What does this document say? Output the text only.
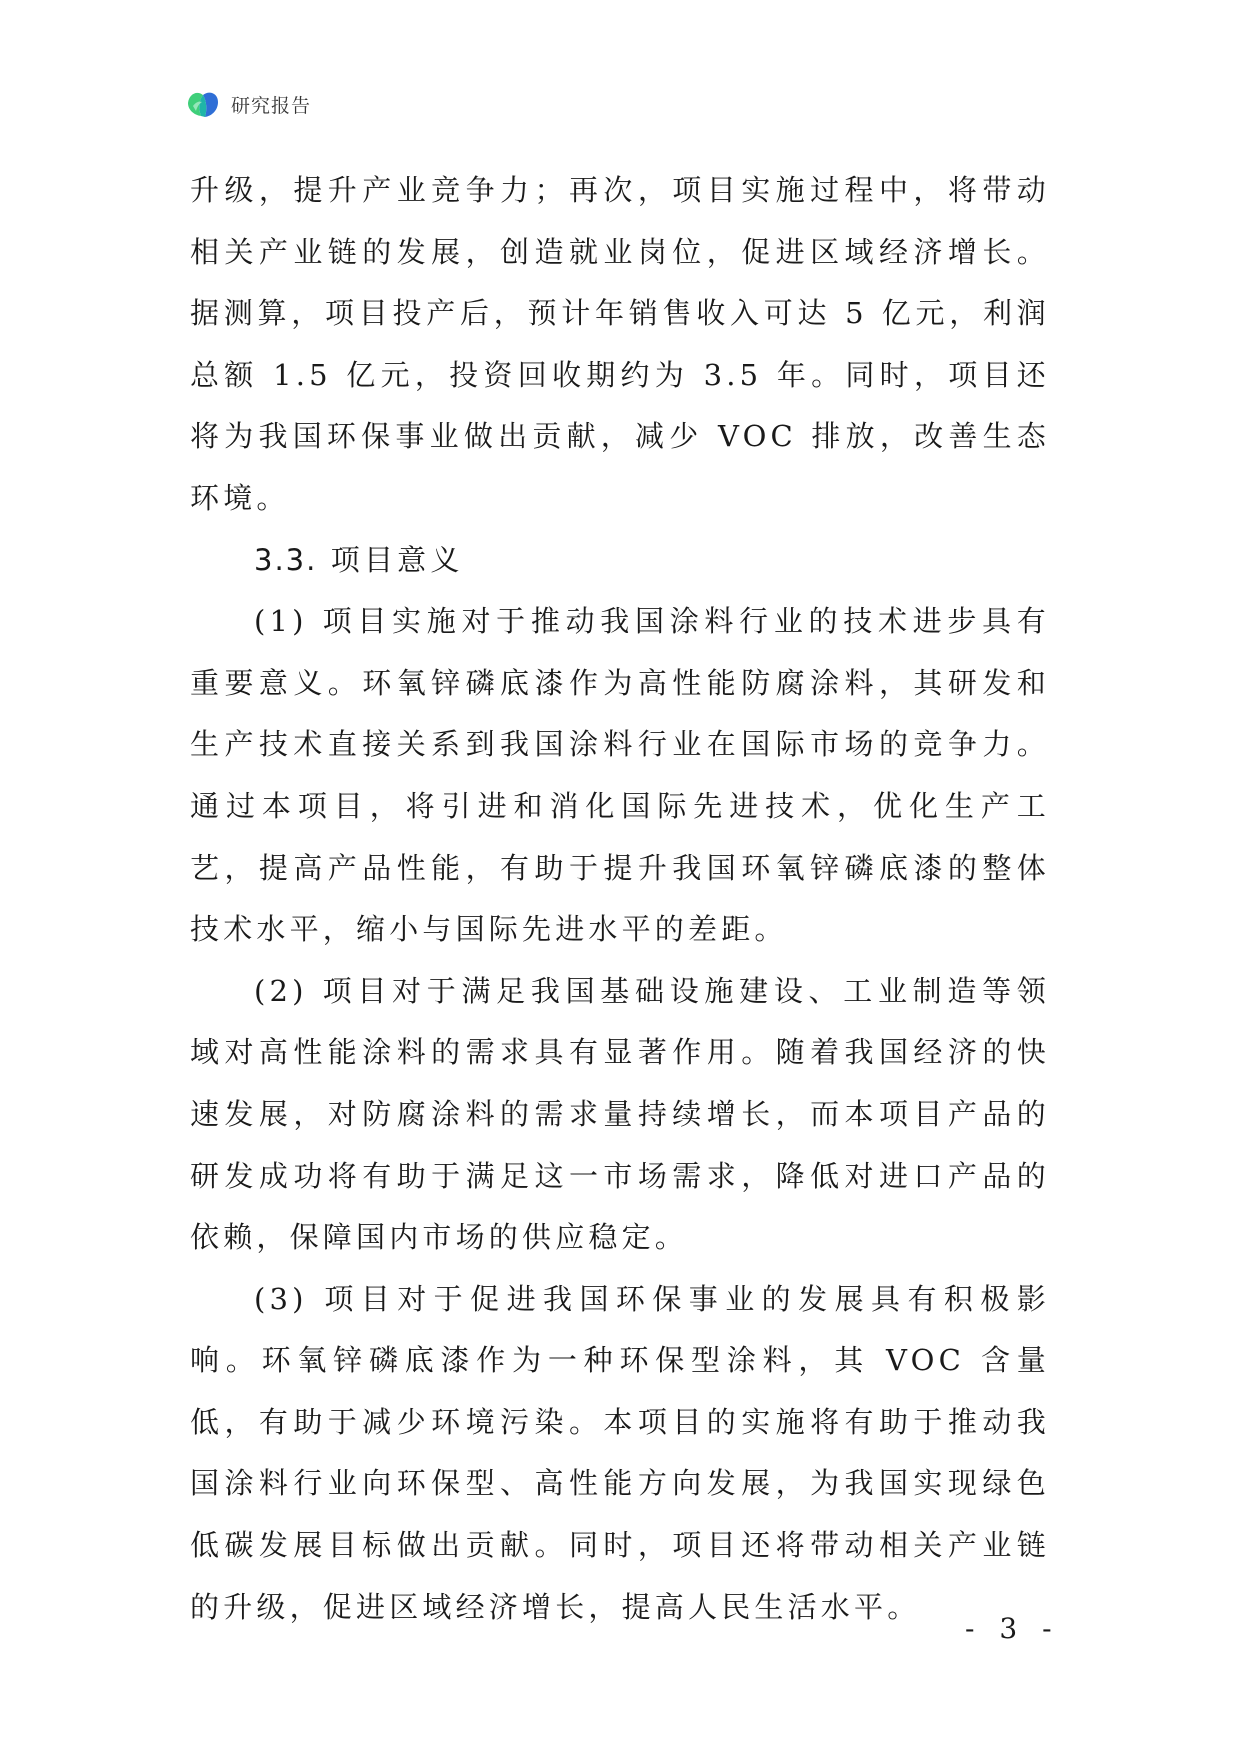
研究报告

升级，提升产业竞争力；再次，项目实施过程中，将带动相关产业链的发展，创造就业岗位，促进区域经济增长。据测算，项目投产后，预计年销售收入可达 5 亿元，利润总额 1.5 亿元，投资回收期约为 3.5 年。同时，项目还将为我国环保事业做出贡献，减少 VOC 排放，改善生态环境。

3.3. 项目意义

(1) 项目实施对于推动我国涂料行业的技术进步具有重要意义。环氧锌磷底漆作为高性能防腐涂料，其研发和生产技术直接关系到我国涂料行业在国际市场的竞争力。通过本项目，将引进和消化国际先进技术，优化生产工艺，提高产品性能，有助于提升我国环氧锌磷底漆的整体技术水平，缩小与国际先进水平的差距。

(2) 项目对于满足我国基础设施建设、工业制造等领域对高性能涂料的需求具有显著作用。随着我国经济的快速发展，对防腐涂料的需求量持续增长，而本项目产品的研发成功将有助于满足这一市场需求，降低对进口产品的依赖，保障国内市场的供应稳定。

(3) 项目对于促进我国环保事业的发展具有积极影响。环氧锌磷底漆作为一种环保型涂料，其 VOC 含量低，有助于减少环境污染。本项目的实施将有助于推动我国涂料行业向环保型、高性能方向发展，为我国实现绿色低碳发展目标做出贡献。同时，项目还将带动相关产业链的升级，促进区域经济增长，提高人民生活水平。

- 3 -
